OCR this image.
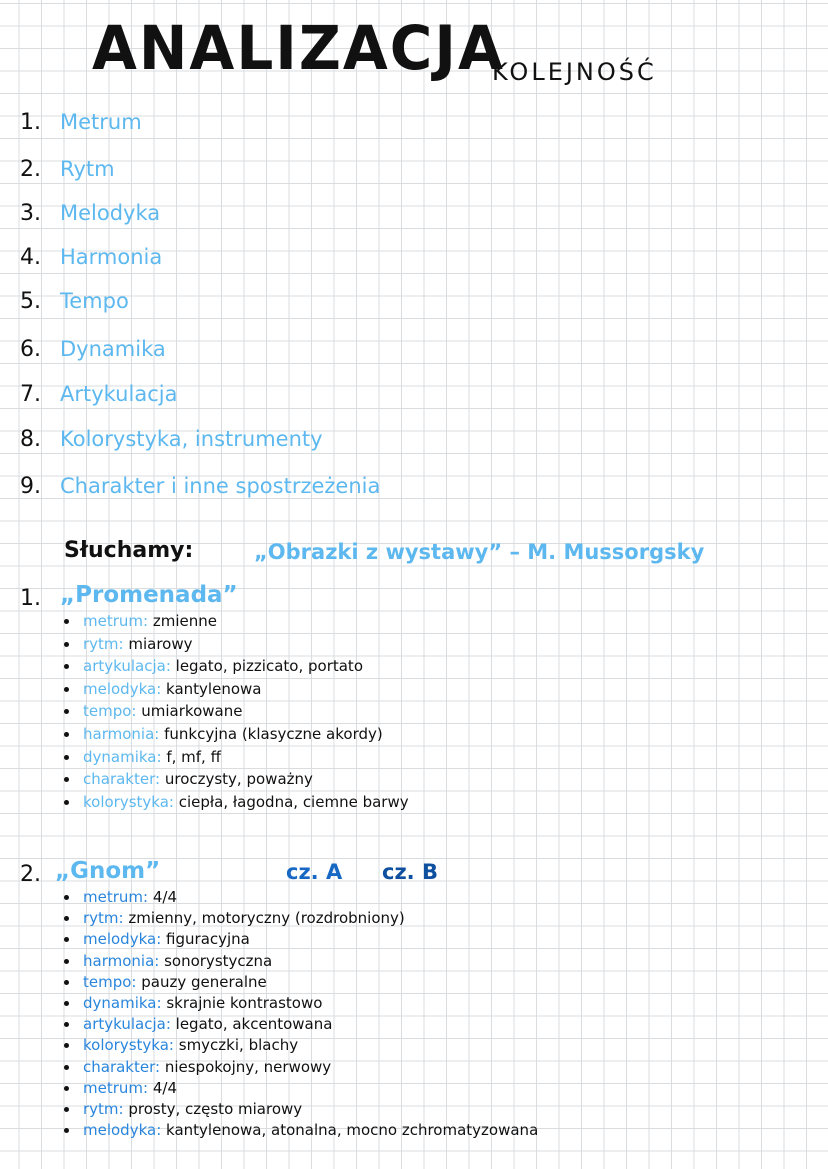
ANALIZACJA
KOLEJNOŚĆ
1. Metrum
2. Rytm
3. Melodyka
4. Harmonia
5. Tempo
6. Dynamika
7. Artykulacja
8. Kolorystyka, instrumenty
9. Charakter i inne spostrzeżenia
Słuchamy:	„Obrazki z wystawy” – M. Mussorgsky
1. „Promenada”
metrum: zmienne
rytm: miarowy
artykulacja: legato, pizzicato, portato
melodyka: kantylenowa
tempo: umiarkowane
harmonia: funkcyjna (klasyczne akordy)
dynamika: f, mf, ff
charakter: uroczysty, poważny
kolorystyka: ciepła, łagodna, ciemne barwy
2. „Gnom”	cz. A cz. B
metrum: 4/4
rytm: zmienny, motoryczny (rozdrobniony)
melodyka: figuracyjna
harmonia: sonorystyczna
tempo: pauzy generalne
dynamika: skrajnie kontrastowo
artykulacja: legato, akcentowana
kolorystyka: smyczki, blachy
charakter: niespokojny, nerwowy
metrum: 4/4
rytm: prosty, często miarowy
melodyka: kantylenowa, atonalna, mocno zchromatyzowana
